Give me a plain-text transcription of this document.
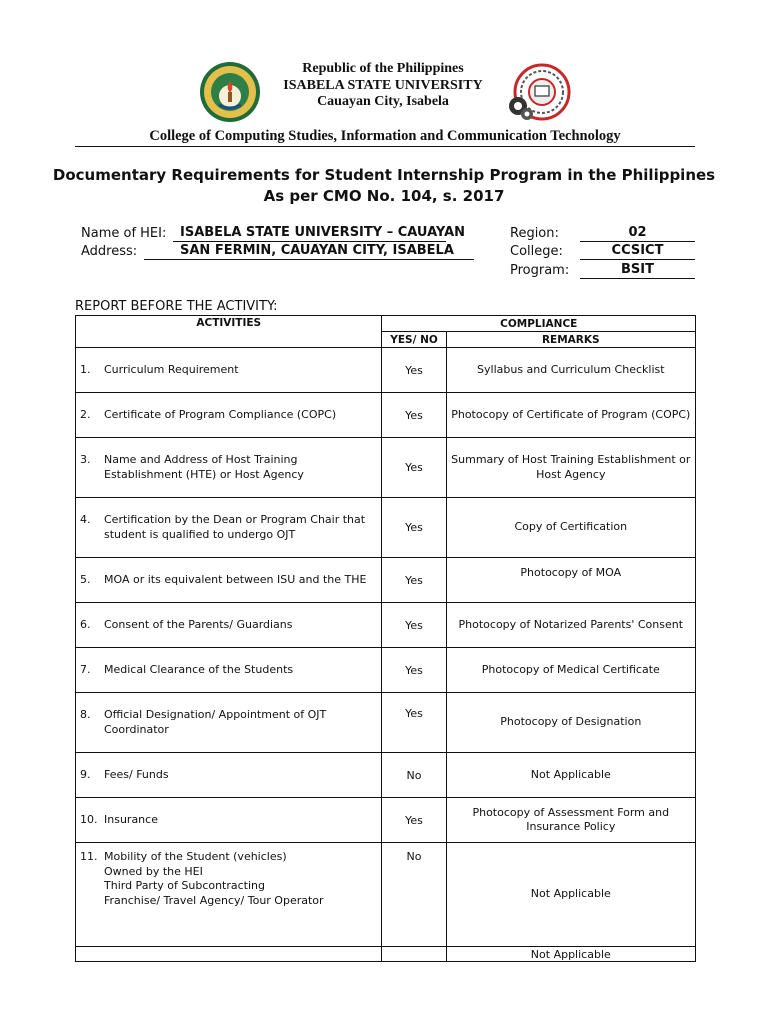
Republic of the Philippines
ISABELA STATE UNIVERSITY
Cauayan City, Isabela
College of Computing Studies, Information and Communication Technology
Documentary Requirements for Student Internship Program in the Philippines
As per CMO No. 104, s. 2017
Name of HEI:	ISABELA STATE UNIVERSITY – CAUAYAN
Address:	SAN FERMIN, CAUAYAN CITY, ISABELA
Region:	02
College:	CCSICT
Program:	BSIT
REPORT BEFORE THE ACTIVITY:
ACTIVITIES	COMPLIANCE	
	YES/ NO	REMARKS

1. Curriculum Requirement	Yes	Syllabus and Curriculum Checklist

2. Certificate of Program Compliance (COPC)	Yes	Photocopy of Certificate of Program (COPC)

3. Name and Address of Host Training Establishment (HTE) or Host Agency	Yes	Summary of Host Training Establishment or Host Agency

4. Certification by the Dean or Program Chair that student is qualified to undergo OJT	Yes	Copy of Certification

5. MOA or its equivalent between ISU and the THE	Yes	Photocopy of MOA

6. Consent of the Parents/ Guardians	Yes	Photocopy of Notarized Parents' Consent

7. Medical Clearance of the Students	Yes	Photocopy of Medical Certificate

8. Official Designation/ Appointment of OJT Coordinator	Yes	Photocopy of Designation

9. Fees/ Funds	No	Not Applicable

10. Insurance	Yes	Photocopy of Assessment Form and Insurance Policy

11. Mobility of the Student (vehicles)
Owned by the HEI
Third Party of Subcontracting
Franchise/ Travel Agency/ Tour Operator	No	Not Applicable

		Not Applicable
